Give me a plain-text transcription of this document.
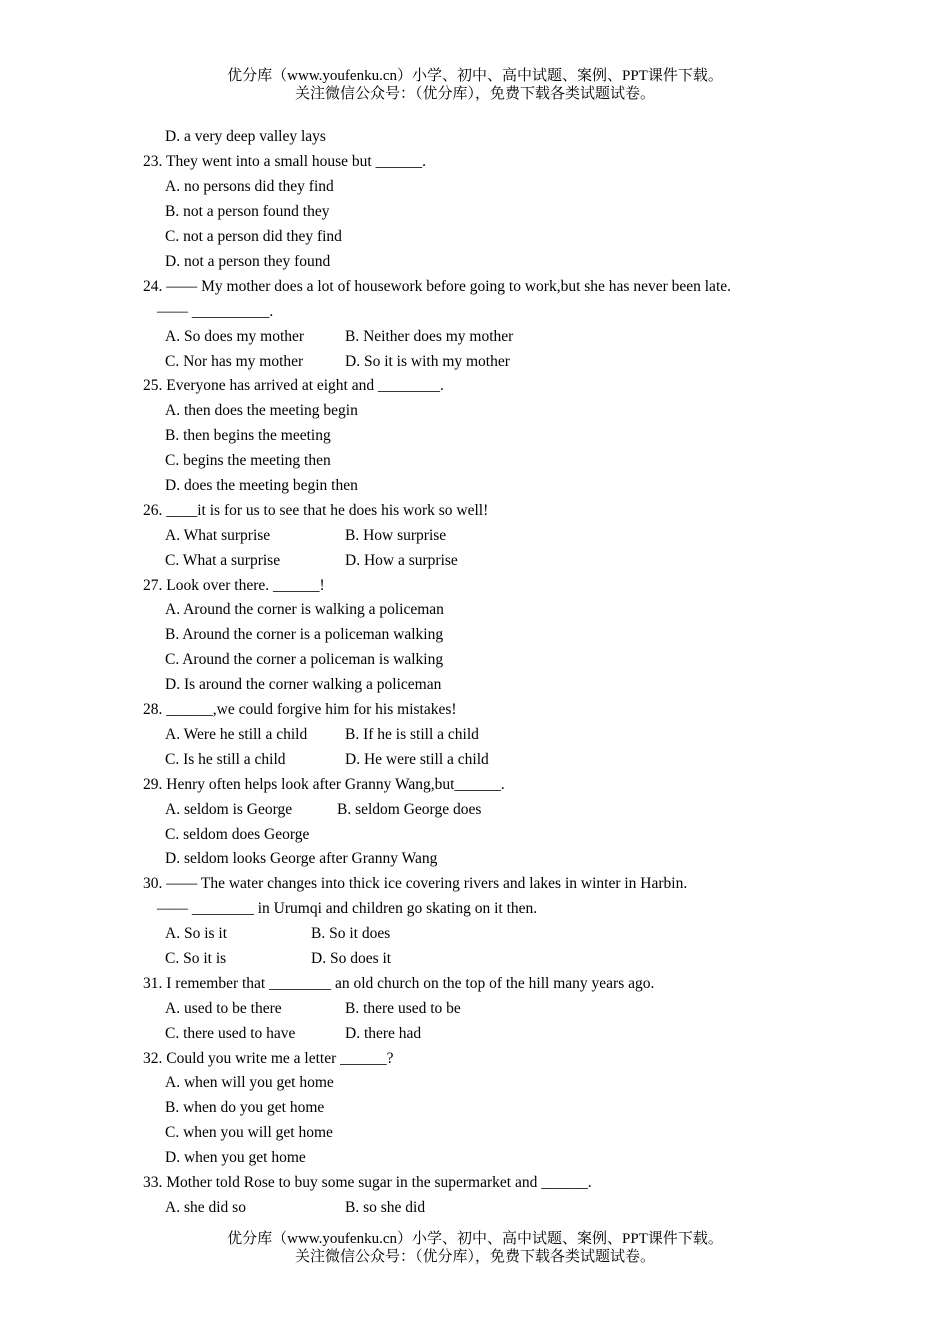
优分库（www.youfenku.cn）小学、初中、高中试题、案例、PPT课件下载。
关注微信公众号：（优分库），免费下载各类试题试卷。
D. a very deep valley lays
23. They went into a small house but ______.
A. no persons did they find
B. not a person found they
C. not a person did they find
D. not a person they found
24. —— My mother does a lot of housework before going to work,but she has never been late.
—— __________.
A. So does my mother	B. Neither does my mother
C. Nor has my mother	D. So it is with my mother
25. Everyone has arrived at eight and ________.
A. then does the meeting begin
B. then begins the meeting
C. begins the meeting then
D. does the meeting begin then
26. ____it is for us to see that he does his work so well!
A. What surprise	B. How surprise
C. What a surprise	D. How a surprise
27. Look over there. ______!
A. Around the corner is walking a policeman
B. Around the corner is a policeman walking
C. Around the corner a policeman is walking
D. Is around the corner walking a policeman
28. ______,we could forgive him for his mistakes!
A. Were he still a child B. If he is still a child
C. Is he still a child	D. He were still a child
29. Henry often helps look after Granny Wang,but______.
A. seldom is George	B. seldom George does
C. seldom does George
D. seldom looks George after Granny Wang
30. —— The water changes into thick ice covering rivers and lakes in winter in Harbin.
—— ________ in Urumqi and children go skating on it then.
A. So is it	B. So it does
C. So it is	D. So does it
31. I remember that ________ an old church on the top of the hill many years ago.
A. used to be there	B. there used to be
C. there used to have	D. there had
32. Could you write me a letter ______?
A. when will you get home
B. when do you get home
C. when you will get home
D. when you get home
33. Mother told Rose to buy some sugar in the supermarket and ______.
A. she did so	B. so she did
优分库（www.youfenku.cn）小学、初中、高中试题、案例、PPT课件下载。
关注微信公众号：（优分库），免费下载各类试题试卷。
